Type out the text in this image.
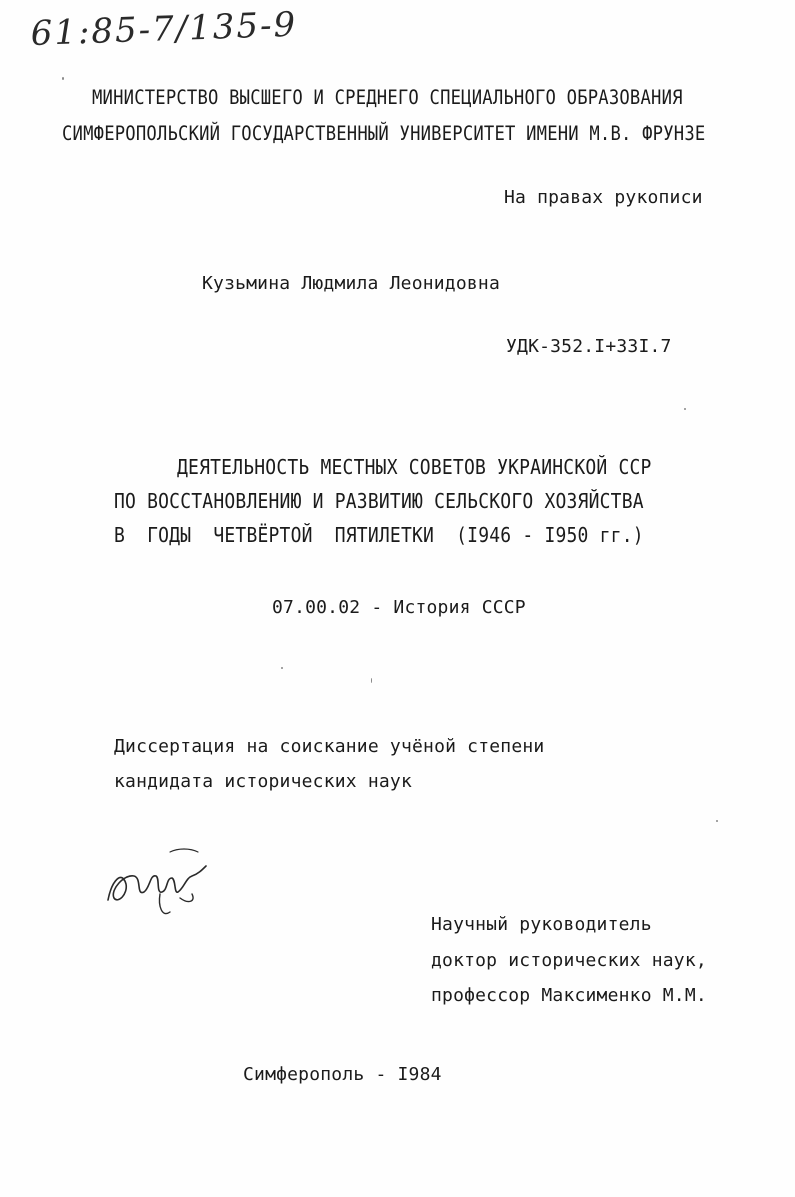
61:85-7/135-9
МИНИСТЕРСТВО ВЫСШЕГО И СРЕДНЕГО СПЕЦИАЛЬНОГО ОБРАЗОВАНИЯ
СИМФЕРОПОЛЬСКИЙ ГОСУДАРСТВЕННЫЙ УНИВЕРСИТЕТ ИМЕНИ М.В. ФРУНЗЕ
На правах рукописи
Кузьмина Людмила Леонидовна
УДК-352.I+33I.7
ДЕЯТЕЛЬНОСТЬ МЕСТНЫХ СОВЕТОВ УКРАИНСКОЙ ССР
ПО ВОССТАНОВЛЕНИЮ И РАЗВИТИЮ СЕЛЬСКОГО ХОЗЯЙСТВА
В  ГОДЫ  ЧЕТВЁРТОЙ  ПЯТИЛЕТКИ  (I946 - I950 гг.)
07.00.02 - История СССР
Диссертация на соискание учёной степени
кандидата исторических наук
Научный руководитель
доктор исторических наук,
профессор Максименко М.М.
Симферополь - I984
